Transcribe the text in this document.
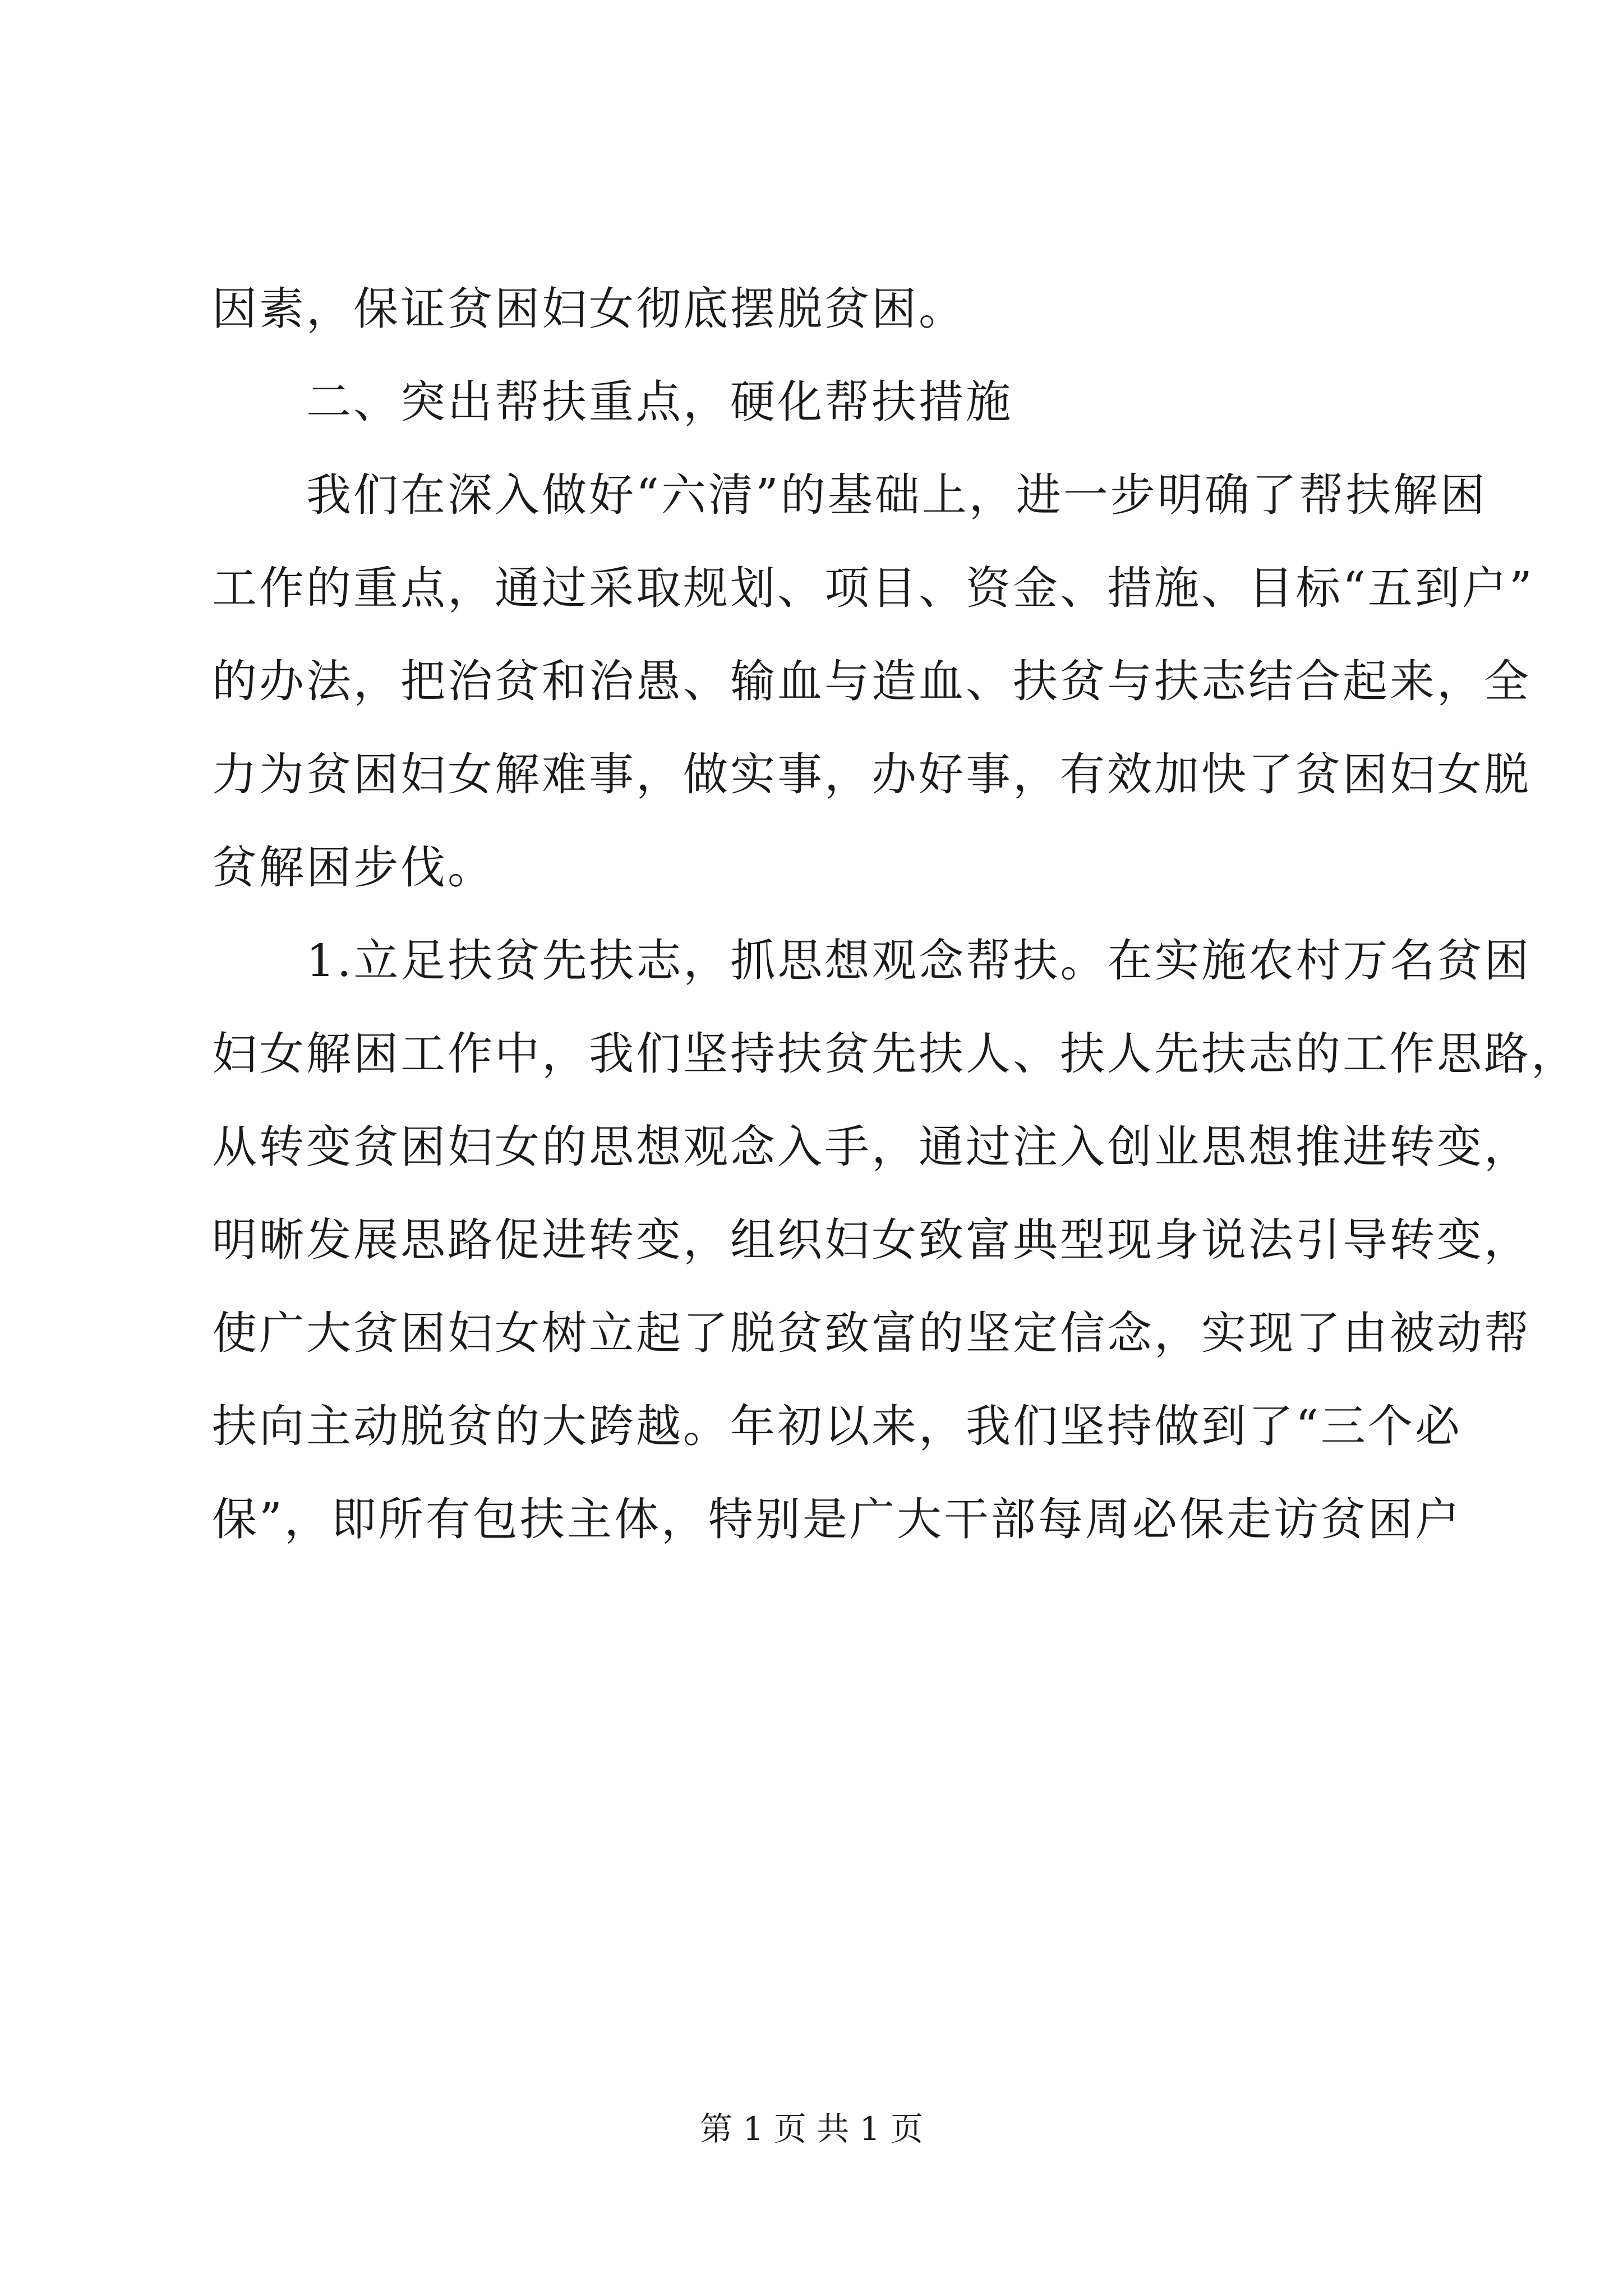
因素，保证贫困妇女彻底摆脱贫困。
二、突出帮扶重点，硬化帮扶措施
我们在深入做好“六清”的基础上，进一步明确了帮扶解困
工作的重点，通过采取规划、项目、资金、措施、目标“五到户”
的办法，把治贫和治愚、输血与造血、扶贫与扶志结合起来，全
力为贫困妇女解难事，做实事，办好事，有效加快了贫困妇女脱
贫解困步伐。
1.立足扶贫先扶志，抓思想观念帮扶。在实施农村万名贫困
妇女解困工作中，我们坚持扶贫先扶人、扶人先扶志的工作思路，
从转变贫困妇女的思想观念入手，通过注入创业思想推进转变，
明晰发展思路促进转变，组织妇女致富典型现身说法引导转变，
使广大贫困妇女树立起了脱贫致富的坚定信念，实现了由被动帮
扶向主动脱贫的大跨越。年初以来，我们坚持做到了“三个必
保”，即所有包扶主体，特别是广大干部每周必保走访贫困户
第 1 页 共 1 页
